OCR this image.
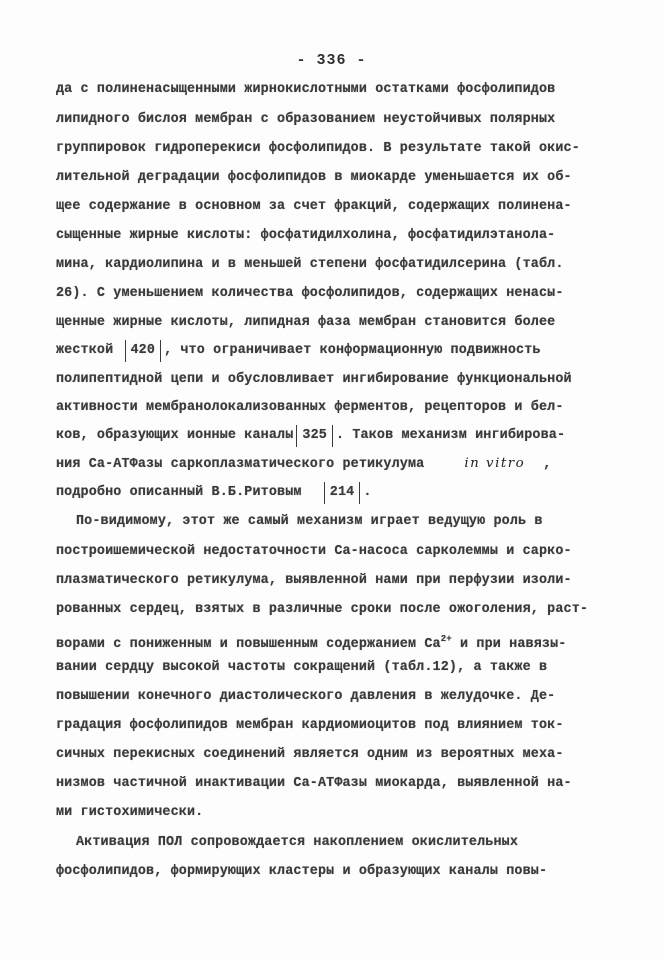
- 336 -
да с полиненасыщенными жирнокислотными остатками фосфолипидов
липидного бислоя мембран с образованием неустойчивых полярных
группировок гидроперекиси фосфолипидов. В результате такой окис-
лительной деградации фосфолипидов в миокарде уменьшается их об-
щее содержание в основном за счет фракций, содержащих полинена-
сыщенные жирные кислоты: фосфатидилхолина, фосфатидилэтанола-
мина, кардиолипина и в меньшей степени фосфатидилсерина (табл.
26). С уменьшением количества фосфолипидов, содержащих ненасы-
щенные жирные кислоты, липидная фаза мембран становится более
жесткой 420 , что ограничивает конформационную подвижность
полипептидной цепи и обусловливает ингибирование функциональной
активности мембранолокализованных ферментов, рецепторов и бел-
ков, образующих ионные каналы 325 . Таков механизм ингибирова-
ния Са-АТФазы саркоплазматического ретикулума	in vitro ,
подробно описанный В.Б.Ритовым 214 .
По-видимому, этот же самый механизм играет ведущую роль в
построишемической недостаточности Са-насоса сарколеммы и сарко-
плазматического ретикулума, выявленной нами при перфузии изоли-
рованных сердец, взятых в различные сроки после ожоголения, раст-
ворами с пониженным и повышенным содержанием $Са^{2+}$ и при навязы-
вании сердцу высокой частоты сокращений (табл.12), а также в
повышении конечного диастолического давления в желудочке. Де-
градация фосфолипидов мембран кардиомиоцитов под влиянием ток-
сичных перекисных соединений является одним из вероятных меха-
низмов частичной инактивации Са-АТФазы миокарда, выявленной на-
ми гистохимически.
Активация ПОЛ сопровождается накоплением окислительных
фосфолипидов, формирующих кластеры и образующих каналы повы-
